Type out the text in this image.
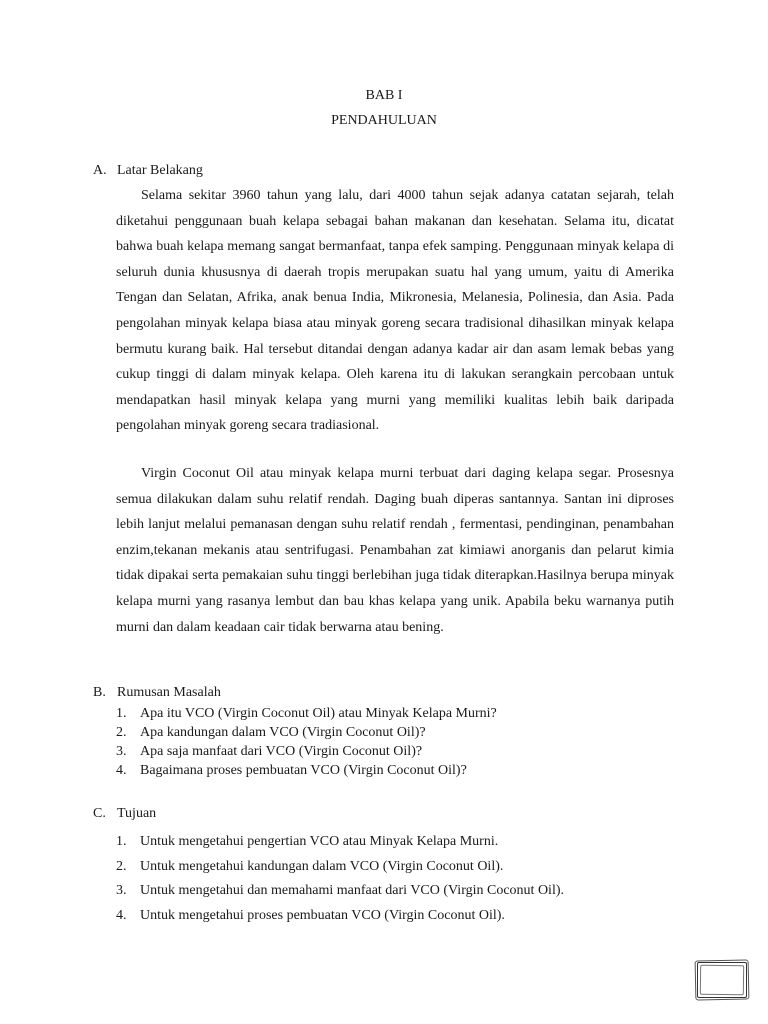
BAB I
PENDAHULUAN
A. Latar Belakang

Selama sekitar 3960 tahun yang lalu, dari 4000 tahun sejak adanya catatan sejarah, telah diketahui penggunaan buah kelapa sebagai bahan makanan dan kesehatan. Selama itu, dicatat bahwa buah kelapa memang sangat bermanfaat, tanpa efek samping. Penggunaan minyak kelapa di seluruh dunia khususnya di daerah tropis merupakan suatu hal yang umum, yaitu di Amerika Tengan dan Selatan, Afrika, anak benua India, Mikronesia, Melanesia, Polinesia, dan Asia. Pada pengolahan minyak kelapa biasa atau minyak goreng secara tradisional dihasilkan minyak kelapa bermutu kurang baik. Hal tersebut ditandai dengan adanya kadar air dan asam lemak bebas yang cukup tinggi di dalam minyak kelapa. Oleh karena itu di lakukan serangkain percobaan untuk mendapatkan hasil minyak kelapa yang murni yang memiliki kualitas lebih baik daripada pengolahan minyak goreng secara tradiasional.

Virgin Coconut Oil atau minyak kelapa murni terbuat dari daging kelapa segar. Prosesnya semua dilakukan dalam suhu relatif rendah. Daging buah diperas santannya. Santan ini diproses lebih lanjut melalui pemanasan dengan suhu relatif rendah , fermentasi, pendinginan, penambahan enzim,tekanan mekanis atau sentrifugasi. Penambahan zat kimiawi anorganis dan pelarut kimia tidak dipakai serta pemakaian suhu tinggi berlebihan juga tidak diterapkan.Hasilnya berupa minyak kelapa murni yang rasanya lembut dan bau khas kelapa yang unik. Apabila beku warnanya putih murni dan dalam keadaan cair tidak berwarna atau bening.

B. Rumusan Masalah
1. Apa itu VCO (Virgin Coconut Oil) atau Minyak Kelapa Murni?
2. Apa kandungan dalam VCO (Virgin Coconut Oil)?
3. Apa saja manfaat dari VCO (Virgin Coconut Oil)?
4. Bagaimana proses pembuatan VCO (Virgin Coconut Oil)?
C. Tujuan
1. Untuk mengetahui pengertian VCO atau Minyak Kelapa Murni.
2. Untuk mengetahui kandungan dalam VCO (Virgin Coconut Oil).
3. Untuk mengetahui dan memahami manfaat dari VCO (Virgin Coconut Oil).
4. Untuk mengetahui proses pembuatan VCO (Virgin Coconut Oil).
